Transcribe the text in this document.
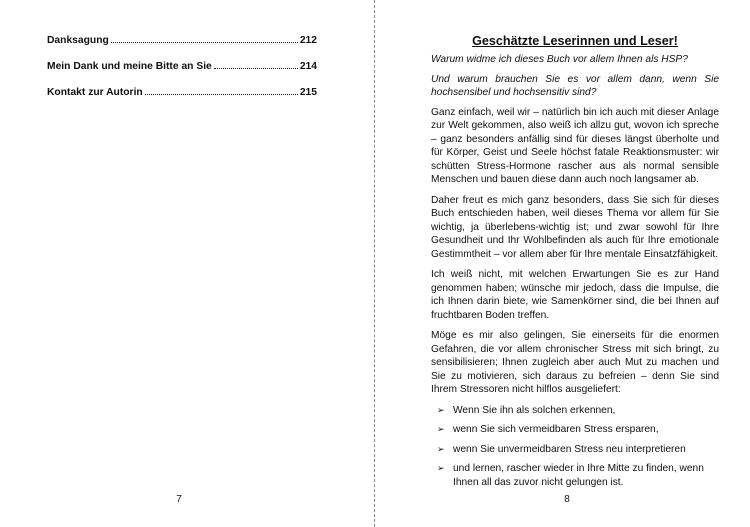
Danksagung	212
Mein Dank und meine Bitte an Sie	214
Kontakt zur Autorin	215
7
Geschätzte Leserinnen und Leser!

Warum widme ich dieses Buch vor allem Ihnen als HSP?

Und warum brauchen Sie es vor allem dann, wenn Sie hochsensibel und hochsensitiv sind?

Ganz einfach, weil wir – natürlich bin ich auch mit dieser Anlage zur Welt gekommen, also weiß ich allzu gut, wovon ich spreche – ganz besonders anfällig sind für dieses längst überholte und für Körper, Geist und Seele höchst fatale Reaktionsmuster: wir schütten Stress-Hormone rascher aus als normal sensible Menschen und bauen diese dann auch noch langsamer ab.

Daher freut es mich ganz besonders, dass Sie sich für dieses Buch entschieden haben, weil dieses Thema vor allem für Sie wichtig, ja überlebens-wichtig ist; und zwar sowohl für Ihre Gesundheit und Ihr Wohlbefinden als auch für Ihre emotionale Gestimmtheit – vor allem aber für Ihre mentale Einsatzfähigkeit.

Ich weiß nicht, mit welchen Erwartungen Sie es zur Hand genommen haben; wünsche mir jedoch, dass die Impulse, die ich Ihnen darin biete, wie Samenkörner sind, die bei Ihnen auf fruchtbaren Boden treffen.

Möge es mir also gelingen, Sie einerseits für die enormen Gefahren, die vor allem chronischer Stress mit sich bringt, zu sensibilisieren; Ihnen zugleich aber auch Mut zu machen und Sie zu motivieren, sich daraus zu befreien – denn Sie sind Ihrem Stressoren nicht hilflos ausgeliefert:

➢ Wenn Sie ihn als solchen erkennen,
➢ wenn Sie sich vermeidbaren Stress ersparen,
➢ wenn Sie unvermeidbaren Stress neu interpretieren
➢ und lernen, rascher wieder in Ihre Mitte zu finden, wenn Ihnen all das zuvor nicht gelungen ist.
8
